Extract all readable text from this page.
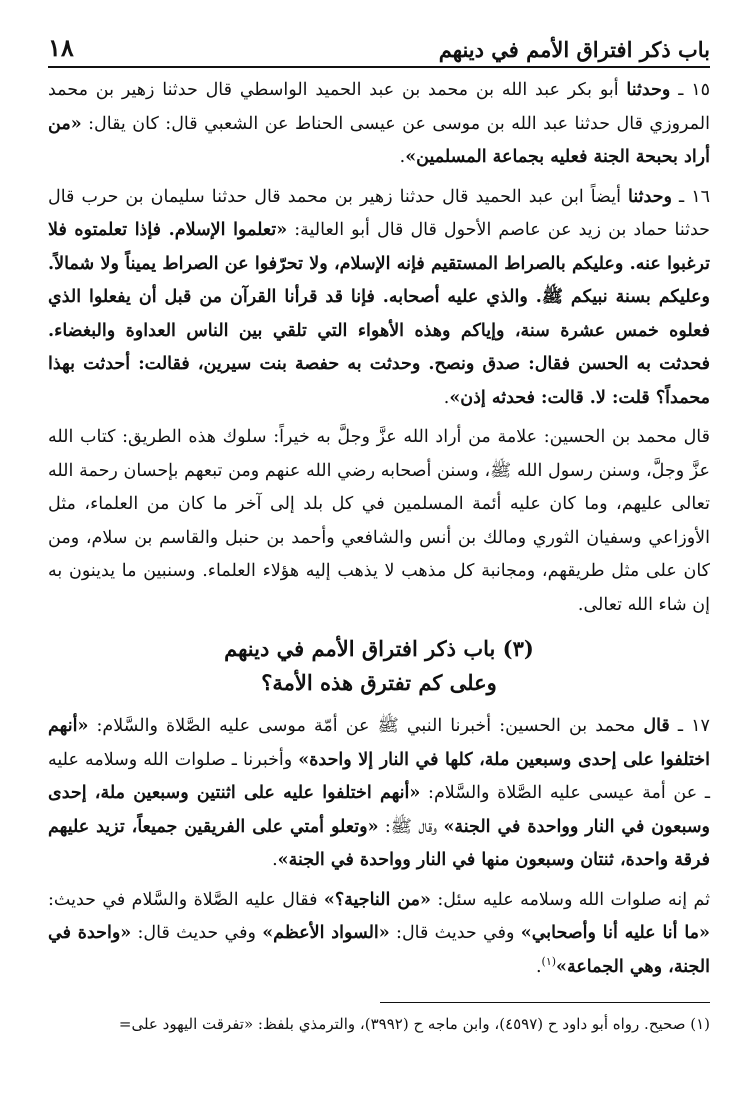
باب ذكر افتراق الأمم في دينهم
١٨

١٥ ـ وحدثنا أبو بكر عبد الله بن محمد بن عبد الحميد الواسطي قال حدثنا زهير بن محمد المروزي قال حدثنا عبد الله بن موسى عن عيسى الحناط عن الشعبي قال: كان يقال: «من أراد بحبحة الجنة فعليه بجماعة المسلمين».

١٦ ـ وحدثنا أيضاً ابن عبد الحميد قال حدثنا زهير بن محمد قال حدثنا سليمان بن حرب قال حدثنا حماد بن زيد عن عاصم الأحول قال قال أبو العالية: «تعلموا الإسلام. فإذا تعلمتوه فلا ترغبوا عنه. وعليكم بالصراط المستقيم فإنه الإسلام، ولا تحرّفوا عن الصراط يميناً ولا شمالاً. وعليكم بسنة نبيكم ﷺ. والذي عليه أصحابه. فإنا قد قرأنا القرآن من قبل أن يفعلوا الذي فعلوه خمس عشرة سنة، وإياكم وهذه الأهواء التي تلقي بين الناس العداوة والبغضاء. فحدثت به الحسن فقال: صدق ونصح. وحدثت به حفصة بنت سيرين، فقالت: أحدثت بهذا محمداً؟ قلت: لا. قالت: فحدثه إذن».

قال محمد بن الحسين: علامة من أراد الله عزَّ وجلَّ به خيراً: سلوك هذه الطريق: كتاب الله عزَّ وجلَّ، وسنن رسول الله ﷺ، وسنن أصحابه رضي الله عنهم ومن تبعهم بإحسان رحمة الله تعالى عليهم، وما كان عليه أئمة المسلمين في كل بلد إلى آخر ما كان من العلماء، مثل الأوزاعي وسفيان الثوري ومالك بن أنس والشافعي وأحمد بن حنبل والقاسم بن سلام، ومن كان على مثل طريقهم، ومجانبة كل مذهب لا يذهب إليه هؤلاء العلماء. وسنبين ما يدينون به إن شاء الله تعالى.

(٣) باب ذكر افتراق الأمم في دينهم
وعلى كم تفترق هذه الأمة؟

١٧ ـ قال محمد بن الحسين: أخبرنا النبي ﷺ عن أمّة موسى عليه الصَّلاة والسَّلام: «أنهم اختلفوا على إحدى وسبعين ملة، كلها في النار إلا واحدة» وأخبرنا ـ صلوات الله وسلامه عليه ـ عن أمة عيسى عليه الصَّلاة والسَّلام: «أنهم اختلفوا عليه على اثنتين وسبعين ملة، إحدى وسبعون في النار وواحدة في الجنة» وقال ﷺ: «وتعلو أمتي على الفريقين جميعاً، تزيد عليهم فرقة واحدة، ثنتان وسبعون منها في النار وواحدة في الجنة».

ثم إنه صلوات الله وسلامه عليه سئل: «من الناجية؟» فقال عليه الصَّلاة والسَّلام في حديث: «ما أنا عليه أنا وأصحابي» وفي حديث قال: «السواد الأعظم» وفي حديث قال: «واحدة في الجنة، وهي الجماعة»$^{(١)}$.

(١) صحيح. رواه أبو داود ح (٤٥٩٧)، وابن ماجه ح (٣٩٩٢)، والترمذي بلفظ: «تفرقت اليهود على=
